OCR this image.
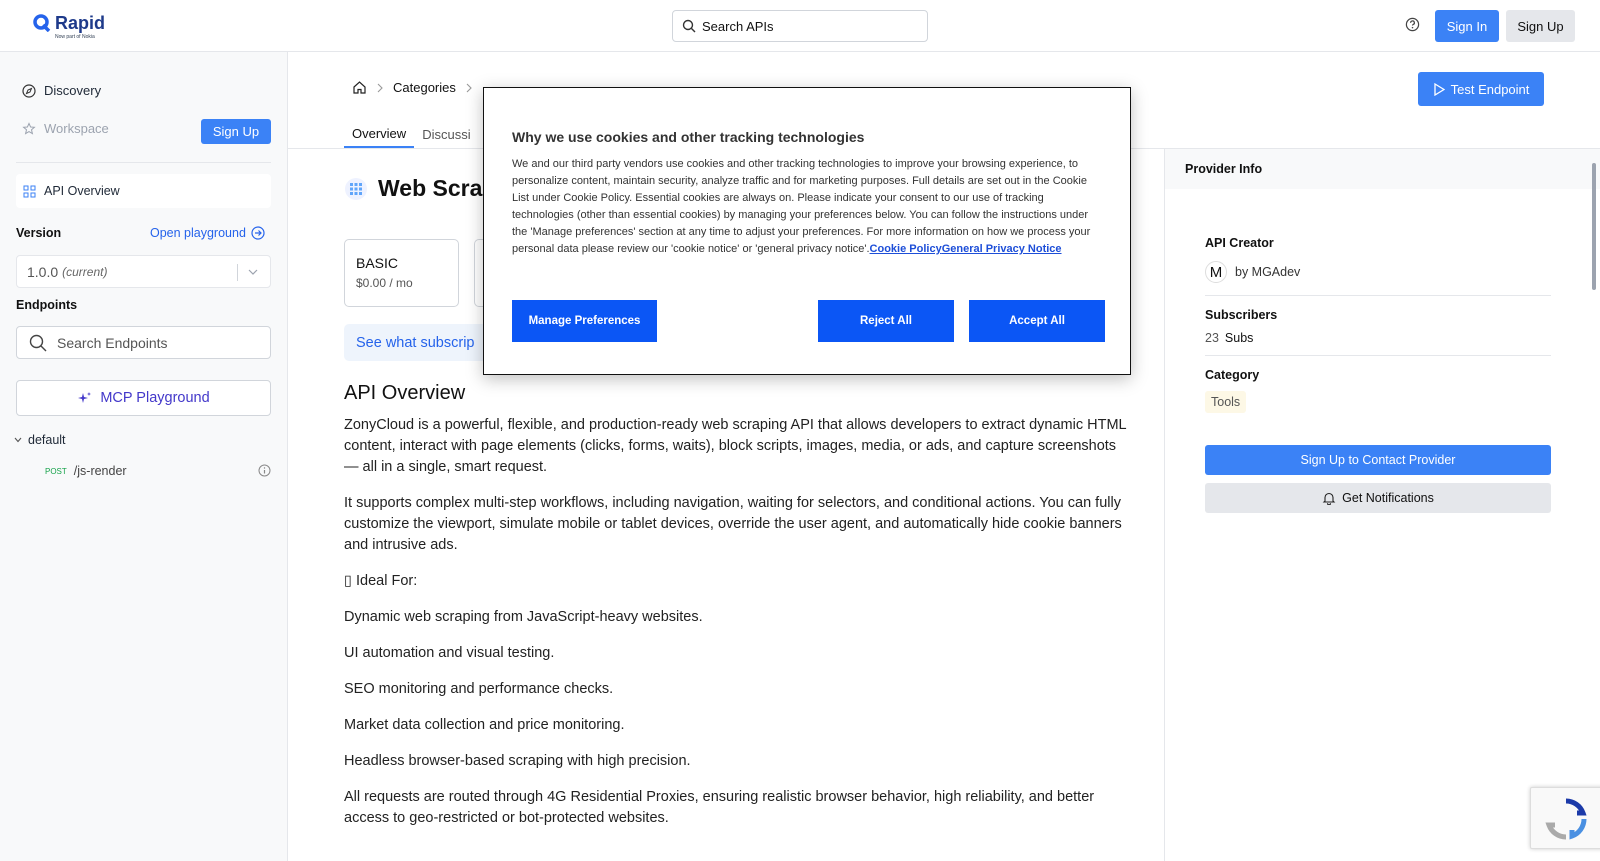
Rapid
Now part of Nokia
Search APIs
Sign In	Sign Up
Discovery
Workspace	Sign Up
API Overview
Version	Open playground
1.0.0 (current)
Endpoints
Search Endpoints
MCP Playground
default
POST /js-render
Categories
Overview	Discussi
Test Endpoint
Web Scra
BASIC
$0.00 / mo
See what subscrip
API Overview

ZonyCloud is a powerful, flexible, and production-ready web scraping API that allows developers to extract dynamic HTML content, interact with page elements (clicks, forms, waits), block scripts, images, media, or ads, and capture screenshots — all in a single, smart request.

It supports complex multi-step workflows, including navigation, waiting for selectors, and conditional actions. You can fully customize the viewport, simulate mobile or tablet devices, override the user agent, and automatically hide cookie banners and intrusive ads.

▯ Ideal For:

Dynamic web scraping from JavaScript-heavy websites.

UI automation and visual testing.

SEO monitoring and performance checks.

Market data collection and price monitoring.

Headless browser-based scraping with high precision.

All requests are routed through 4G Residential Proxies, ensuring realistic browser behavior, high reliability, and better access to geo-restricted or bot-protected websites.

Provider Info
API Creator
M	by MGAdev
Subscribers
23 Subs
Category
Tools
Sign Up to Contact Provider
Get Notifications
Why we use cookies and other tracking technologies
We and our third party vendors use cookies and other tracking technologies to improve your browsing experience, to personalize content, maintain security, analyze traffic and for marketing purposes. Full details are set out in the Cookie List under Cookie Policy. Essential cookies are always on. Please indicate your consent to our use of tracking technologies (other than essential cookies) by managing your preferences below. You can follow the instructions under the 'Manage preferences' section at any time to adjust your preferences. For more information on how we process your personal data please review our 'cookie notice' or 'general privacy notice'.Cookie PolicyGeneral Privacy Notice
Manage Preferences	Reject All	Accept All
